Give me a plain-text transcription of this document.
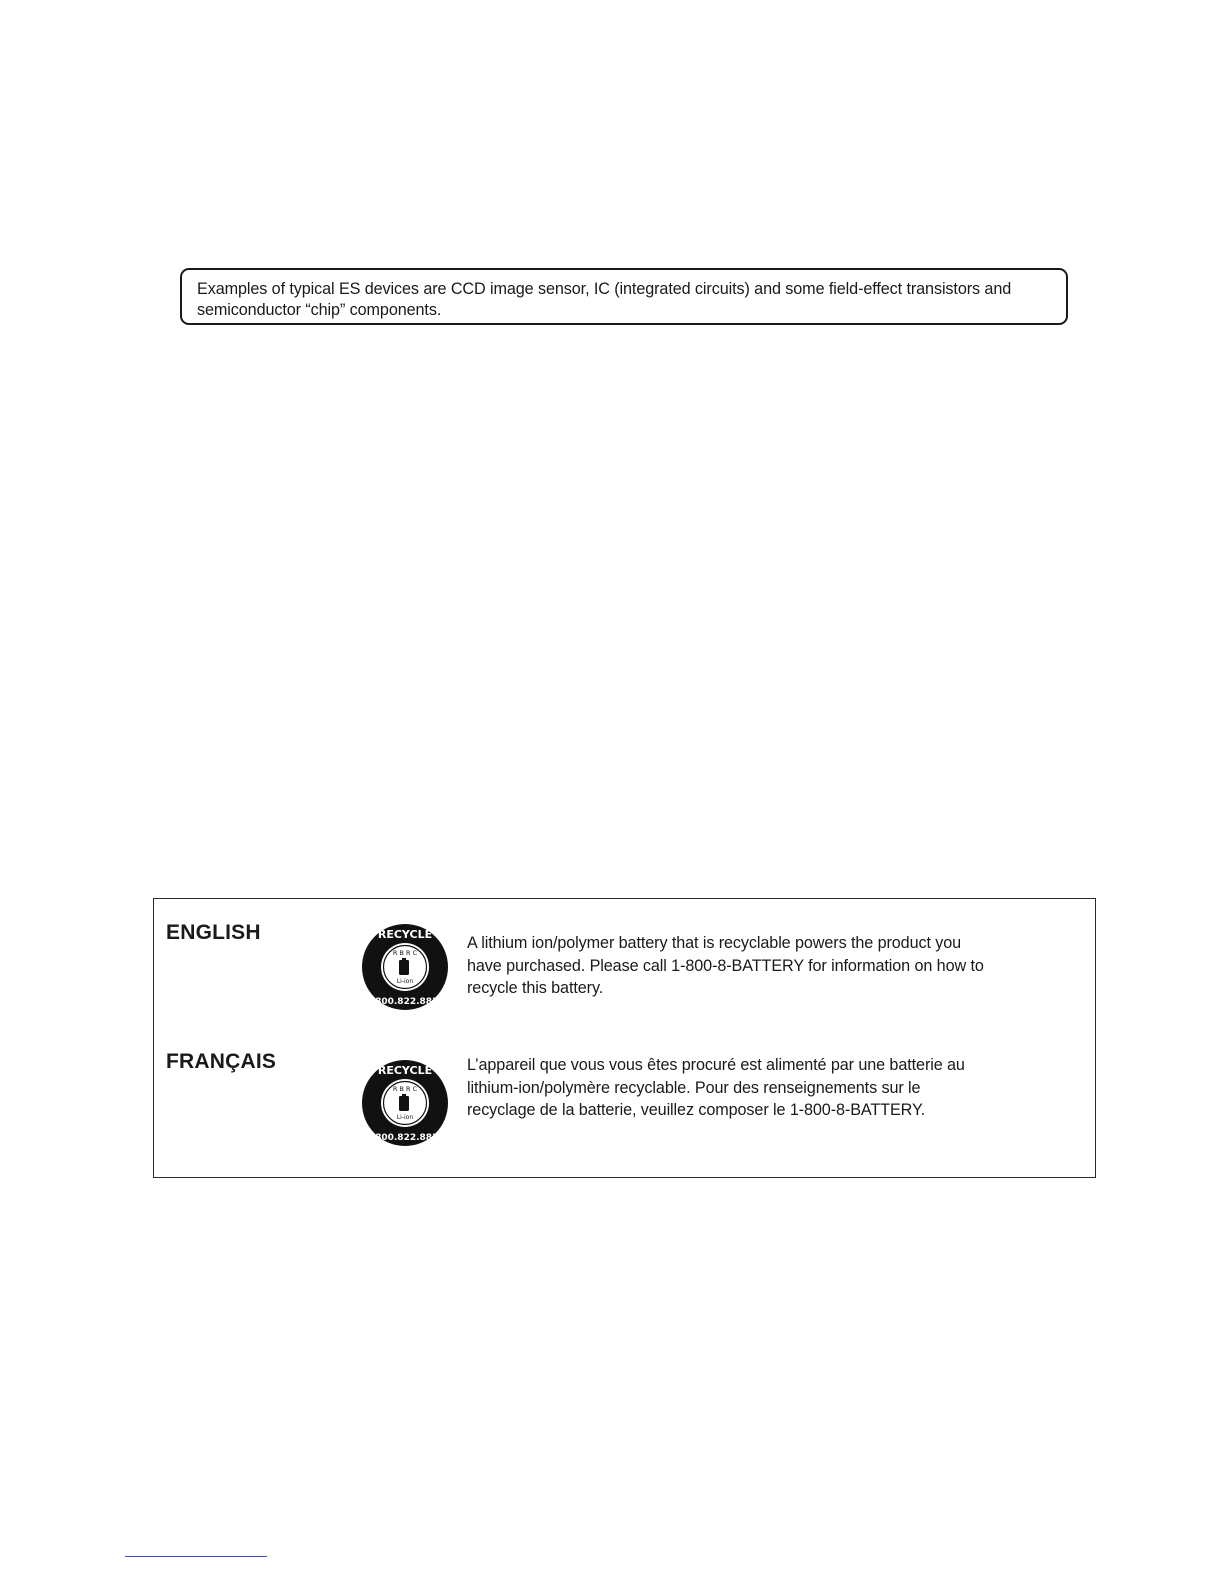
Examples of typical ES devices are CCD image sensor, IC (integrated circuits) and some field-effect transistors and semiconductor “chip” components.
ENGLISH
R B R C
Li-ion
RECYCLE
1.800.822.8837
A lithium ion/polymer battery that is recyclable powers the product you have purchased. Please call 1-800-8-BATTERY for information on how to recycle this battery.
FRANÇAIS
R B R C
Li-ion
RECYCLE
1.800.822.8837
L’appareil que vous vous êtes procuré est alimenté par une batterie au lithium-ion/polymère recyclable. Pour des renseignements sur le recyclage de la batterie, veuillez composer le 1-800-8-BATTERY.
